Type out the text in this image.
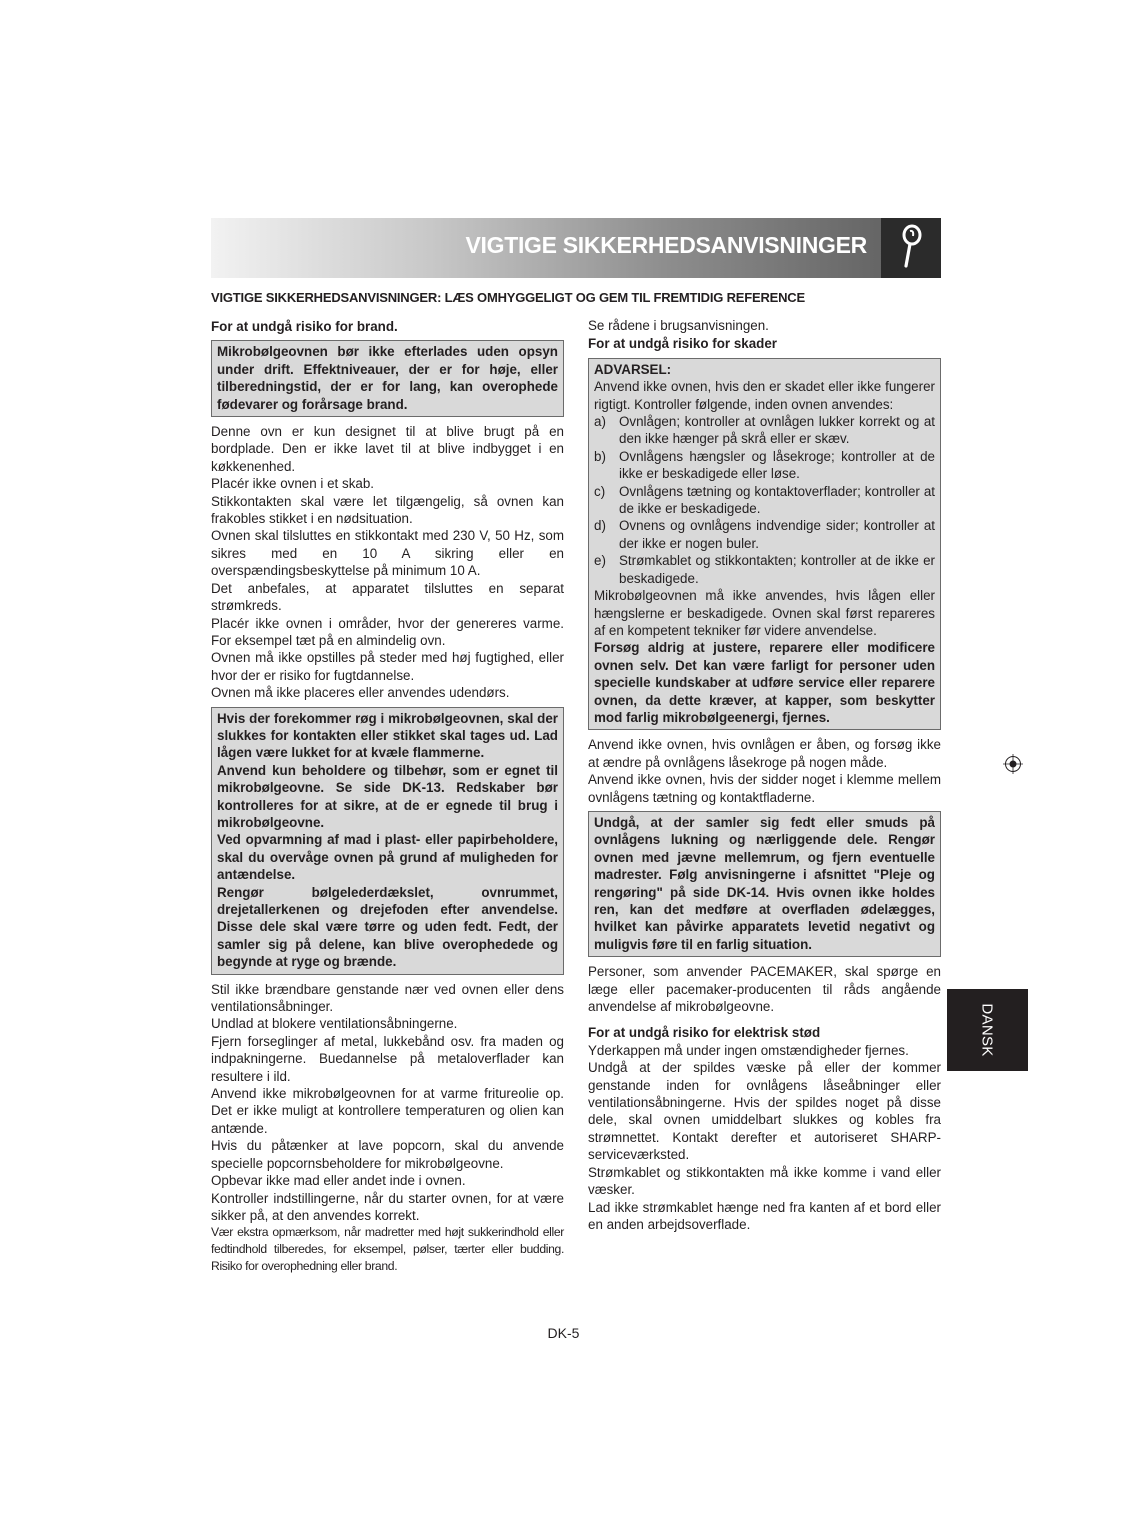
VIGTIGE SIKKERHEDSANVISNINGER
VIGTIGE SIKKERHEDSANVISNINGER: LÆS OMHYGGELIGT OG GEM TIL FREMTIDIG REFERENCE

For at undgå risiko for brand.

Mikrobølgeovnen bør ikke efterlades uden opsyn under drift. Effektniveauer, der er for høje, eller tilberedningstid, der er for lang, kan overophede fødevarer og forårsage brand.

Denne ovn er kun designet til at blive brugt på en bordplade. Den er ikke lavet til at blive indbygget i en køkkenenhed.

Placér ikke ovnen i et skab.

Stikkontakten skal være let tilgængelig, så ovnen kan frakobles stikket i en nødsituation.

Ovnen skal tilsluttes en stikkontakt med 230 V, 50 Hz, som sikres med en 10 A sikring eller en overspændingsbeskyttelse på minimum 10 A.

Det anbefales, at apparatet tilsluttes en separat strømkreds.

Placér ikke ovnen i områder, hvor der genereres varme. For eksempel tæt på en almindelig ovn.

Ovnen må ikke opstilles på steder med høj fugtighed, eller hvor der er risiko for fugtdannelse.

Ovnen må ikke placeres eller anvendes udendørs.

Hvis der forekommer røg i mikrobølgeovnen, skal der slukkes for kontakten eller stikket skal tages ud. Lad lågen være lukket for at kvæle flammerne.

Anvend kun beholdere og tilbehør, som er egnet til mikrobølgeovne. Se side DK-13. Redskaber bør kontrolleres for at sikre, at de er egnede til brug i mikrobølgeovne.

Ved opvarmning af mad i plast- eller papirbeholdere, skal du overvåge ovnen på grund af muligheden for antændelse.

Rengør bølgelederdækslet, ovnrummet, drejetallerkenen og drejefoden efter anvendelse. Disse dele skal være tørre og uden fedt. Fedt, der samler sig på delene, kan blive overophedede og begynde at ryge og brænde.

Stil ikke brændbare genstande nær ved ovnen eller dens ventilationsåbninger.

Undlad at blokere ventilationsåbningerne.

Fjern forseglinger af metal, lukkebånd osv. fra maden og indpakningerne. Buedannelse på metaloverflader kan resultere i ild.

Anvend ikke mikrobølgeovnen for at varme fritureolie op. Det er ikke muligt at kontrollere temperaturen og olien kan antænde.

Hvis du påtænker at lave popcorn, skal du anvende specielle popcornsbeholdere for mikrobølgeovne.

Opbevar ikke mad eller andet inde i ovnen.

Kontroller indstillingerne, når du starter ovnen, for at være sikker på, at den anvendes korrekt.

Vær ekstra opmærksom, når madretter med højt sukkerindhold eller fedtindhold tilberedes, for eksempel, pølser, tærter eller budding. Risiko for overophedning eller brand.

Se rådene i brugsanvisningen.

For at undgå risiko for skader

ADVARSEL:

Anvend ikke ovnen, hvis den er skadet eller ikke fungerer rigtigt. Kontroller følgende, inden ovnen anvendes:

a) Ovnlågen; kontroller at ovnlågen lukker korrekt og at den ikke hænger på skrå eller er skæv.
b) Ovnlågens hængsler og låsekroge; kontroller at de ikke er beskadigede eller løse.
c) Ovnlågens tætning og kontaktoverflader; kontroller at de ikke er beskadigede.
d) Ovnens og ovnlågens indvendige sider; kontroller at der ikke er nogen buler.
e) Strømkablet og stikkontakten; kontroller at de ikke er beskadigede.

Mikrobølgeovnen må ikke anvendes, hvis lågen eller hængslerne er beskadigede. Ovnen skal først repareres af en kompetent tekniker før videre anvendelse.

Forsøg aldrig at justere, reparere eller modificere ovnen selv. Det kan være farligt for personer uden specielle kundskaber at udføre service eller reparere ovnen, da dette kræver, at kapper, som beskytter mod farlig mikrobølgeenergi, fjernes.

Anvend ikke ovnen, hvis ovnlågen er åben, og forsøg ikke at ændre på ovnlågens låsekroge på nogen måde.

Anvend ikke ovnen, hvis der sidder noget i klemme mellem ovnlågens tætning og kontaktfladerne.

Undgå, at der samler sig fedt eller smuds på ovnlågens lukning og nærliggende dele. Rengør ovnen med jævne mellemrum, og fjern eventuelle madrester. Følg anvisningerne i afsnittet "Pleje og rengøring" på side DK-14. Hvis ovnen ikke holdes ren, kan det medføre at overfladen ødelægges, hvilket kan påvirke apparatets levetid negativt og muligvis føre til en farlig situation.

Personer, som anvender PACEMAKER, skal spørge en læge eller pacemaker-producenten til råds angående anvendelse af mikrobølgeovne.

For at undgå risiko for elektrisk stød

Yderkappen må under ingen omstændigheder fjernes.

Undgå at der spildes væske på eller der kommer genstande inden for ovnlågens låseåbninger eller ventilationsåbningerne. Hvis der spildes noget på disse dele, skal ovnen umiddelbart slukkes og kobles fra strømnettet. Kontakt derefter et autoriseret SHARP-serviceværksted.

Strømkablet og stikkontakten må ikke komme i vand eller væsker.

Lad ikke strømkablet hænge ned fra kanten af et bord eller en anden arbejdsoverflade.

DANSK
DK-5
